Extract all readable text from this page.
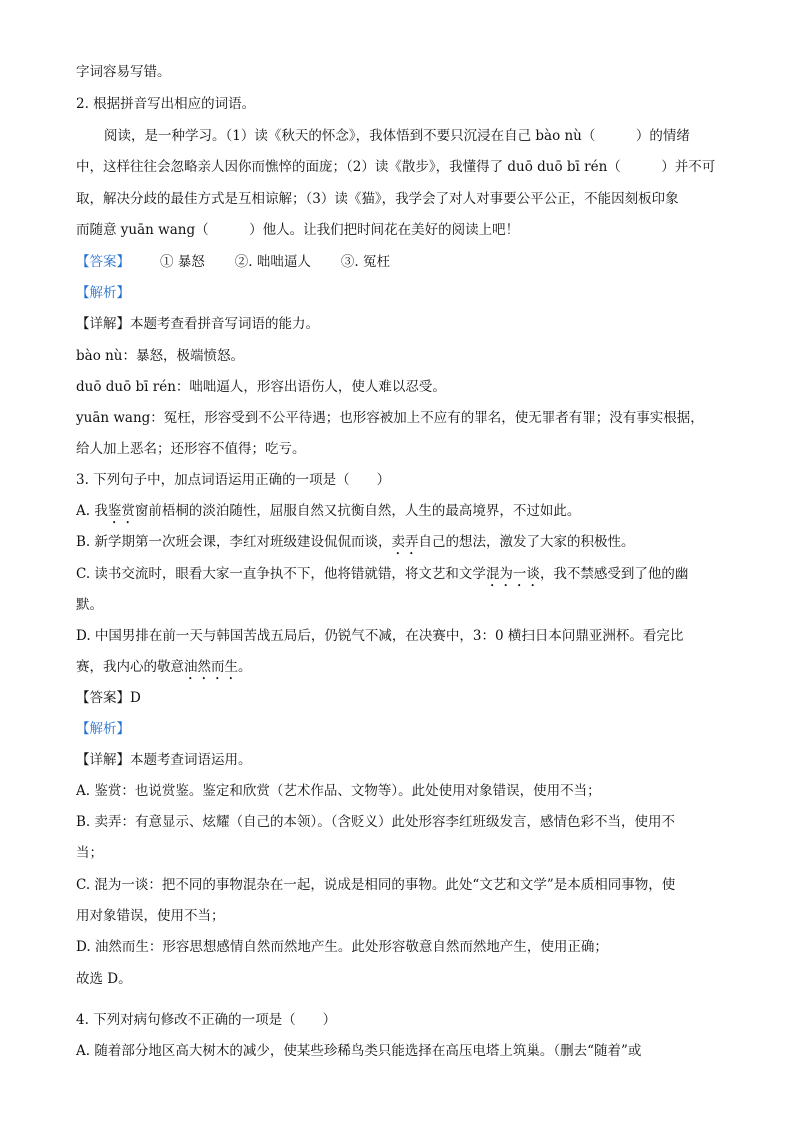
字词容易写错。
2. 根据拼音写出相应的词语。
阅读，是一种学习。（1）读《秋天的怀念》，我体悟到不要只沉浸在自己 bào nù（　　　）的情绪
中，这样往往会忽略亲人因你而憔悴的面庞；（2）读《散步》，我懂得了 duō duō bī rén（　　　）并不可
取，解决分歧的最佳方式是互相谅解；（3）读《猫》，我学会了对人对事要公平公正，不能因刻板印象
而随意 yuān wang（　　　）他人。让我们把时间花在美好的阅读上吧！
【答案】 ① 暴怒 ②. 咄咄逼人 ③. 冤枉
【解析】
【详解】本题考查看拼音写词语的能力。
bào nù：暴怒，极端愤怒。
duō duō bī rén：咄咄逼人，形容出语伤人，使人难以忍受。
yuān wang：冤枉，形容受到不公平待遇；也形容被加上不应有的罪名，使无罪者有罪；没有事实根据，
给人加上恶名；还形容不值得；吃亏。
3. 下列句子中，加点词语运用正确的一项是（　　）
A. 我鉴赏窗前梧桐的淡泊随性，屈服自然又抗衡自然，人生的最高境界，不过如此。
B. 新学期第一次班会课，李红对班级建设侃侃而谈，卖弄自己的想法，激发了大家的积极性。
C. 读书交流时，眼看大家一直争执不下，他将错就错，将文艺和文学混为一谈，我不禁感受到了他的幽
默。
D. 中国男排在前一天与韩国苦战五局后，仍锐气不减，在决赛中，3：0 横扫日本问鼎亚洲杯。看完比
赛，我内心的敬意油然而生。
【答案】D
【解析】
【详解】本题考查词语运用。
A. 鉴赏：也说赏鉴。鉴定和欣赏（艺术作品、文物等）。此处使用对象错误，使用不当；
B. 卖弄：有意显示、炫耀（自己的本领）。（含贬义）此处形容李红班级发言，感情色彩不当，使用不
当；
C. 混为一谈：把不同的事物混杂在一起，说成是相同的事物。此处“文艺和文学”是本质相同事物，使
用对象错误，使用不当；
D. 油然而生：形容思想感情自然而然地产生。此处形容敬意自然而然地产生，使用正确；
故选 D。
4. 下列对病句修改不正确的一项是（　　）
A. 随着部分地区高大树木的减少，使某些珍稀鸟类只能选择在高压电塔上筑巢。（删去“随着”或
